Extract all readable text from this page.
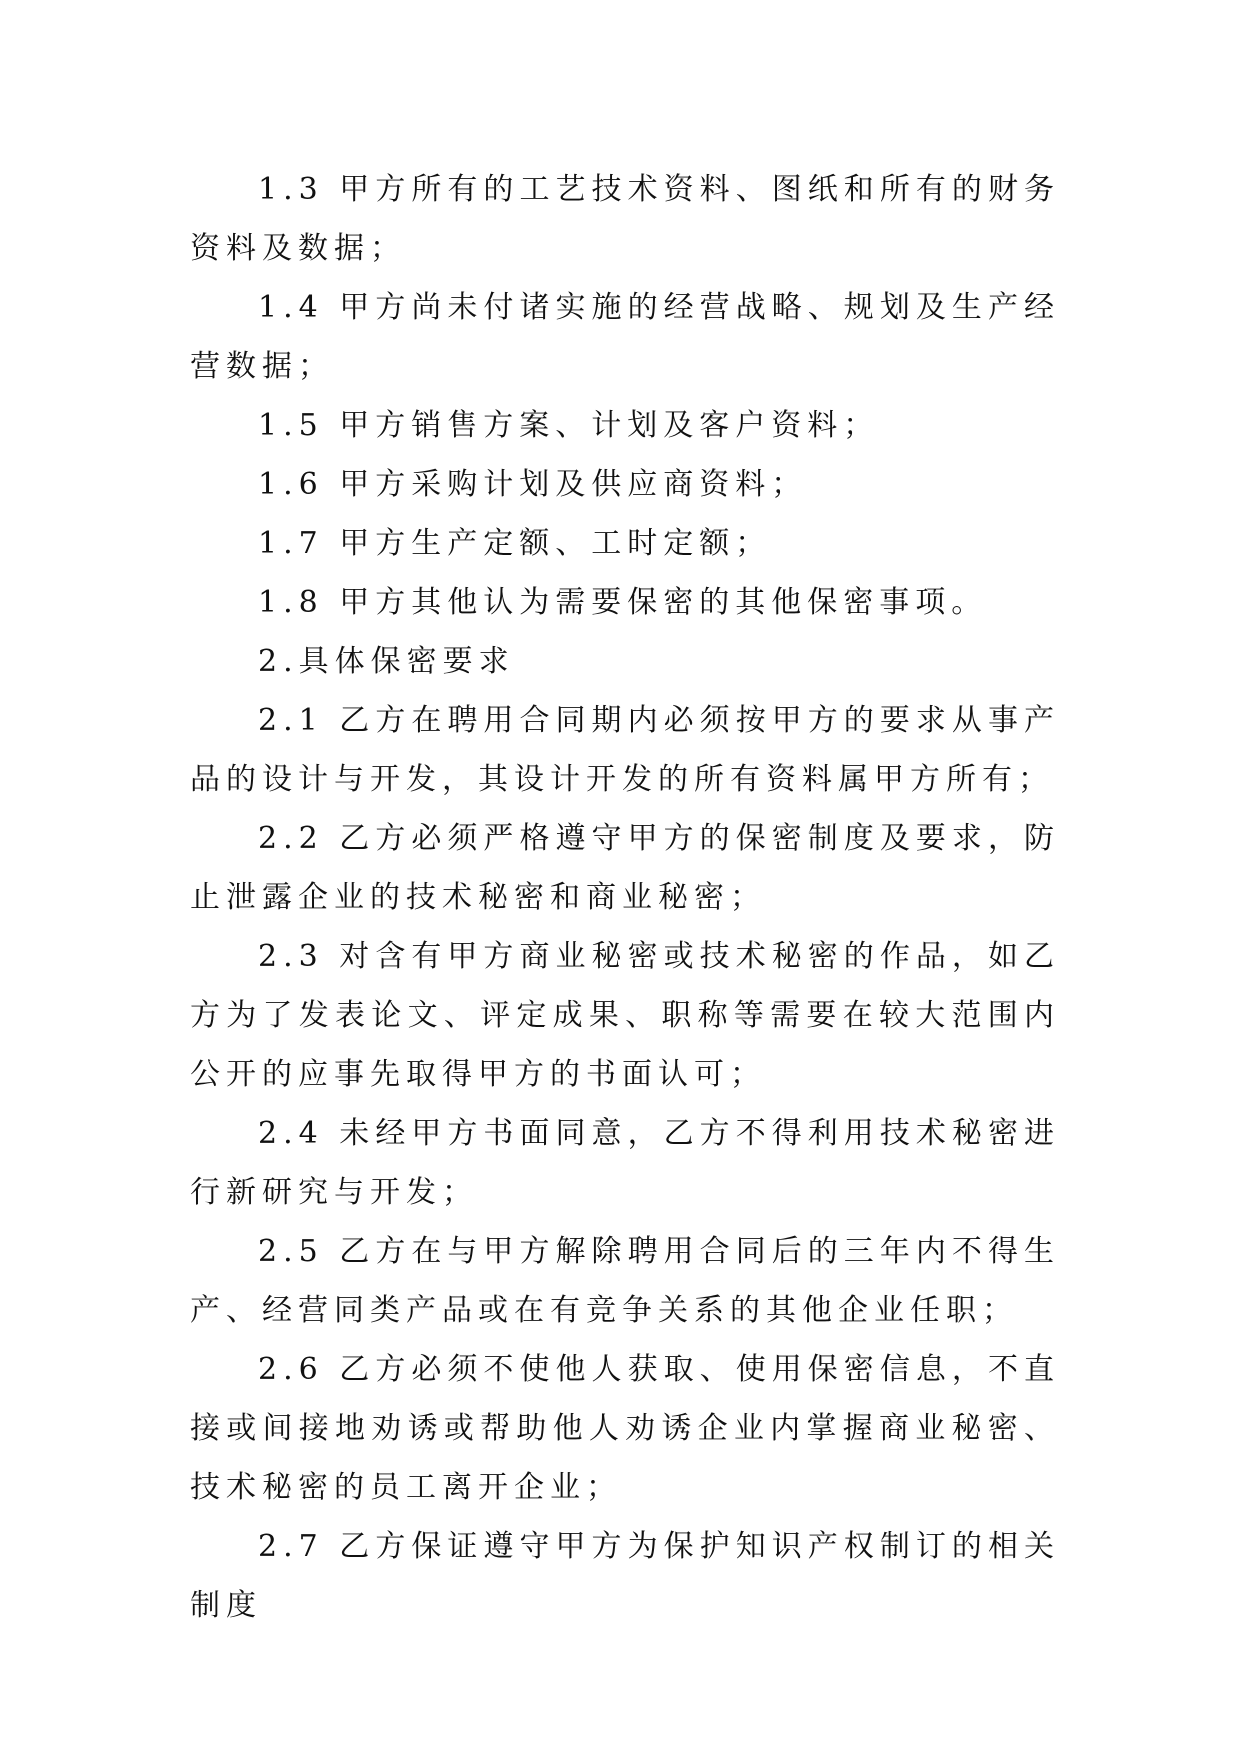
1.3 甲方所有的工艺技术资料、图纸和所有的财务资料及数据；

1.4 甲方尚未付诸实施的经营战略、规划及生产经营数据；

1.5 甲方销售方案、计划及客户资料；

1.6 甲方采购计划及供应商资料；

1.7 甲方生产定额、工时定额；

1.8 甲方其他认为需要保密的其他保密事项。

2.具体保密要求

2.1 乙方在聘用合同期内必须按甲方的要求从事产品的设计与开发，其设计开发的所有资料属甲方所有；

2.2 乙方必须严格遵守甲方的保密制度及要求，防止泄露企业的技术秘密和商业秘密；

2.3 对含有甲方商业秘密或技术秘密的作品，如乙方为了发表论文、评定成果、职称等需要在较大范围内公开的应事先取得甲方的书面认可；

2.4 未经甲方书面同意，乙方不得利用技术秘密进行新研究与开发；

2.5 乙方在与甲方解除聘用合同后的三年内不得生产、经营同类产品或在有竞争关系的其他企业任职；

2.6 乙方必须不使他人获取、使用保密信息，不直接或间接地劝诱或帮助他人劝诱企业内掌握商业秘密、技术秘密的员工离开企业；

2.7 乙方保证遵守甲方为保护知识产权制订的相关制度
